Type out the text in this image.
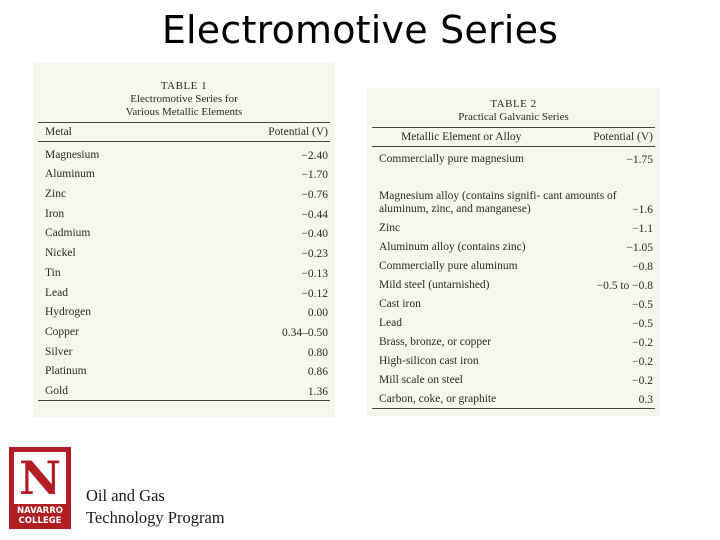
Electromotive Series
TABLE 1
Electromotive Series for
Various Metallic Elements
Metal	Potential (V)
Magnesium	−2.40
Aluminum	−1.70
Zinc	−0.76
Iron	−0.44
Cadmium	−0.40
Nickel	−0.23
Tin	−0.13
Lead	−0.12
Hydrogen	0.00
Copper	0.34–0.50
Silver	0.80
Platinum	0.86
Gold	1.36
TABLE 2
Practical Galvanic Series
Metallic Element or Alloy	Potential (V)
Commercially pure magnesium	−1.75
Magnesium alloy (contains signifi- cant amounts of aluminum, zinc, and manganese)	−1.6
Zinc	−1.1
Aluminum alloy (contains zinc)	−1.05
Commercially pure aluminum	−0.8
Mild steel (untarnished)	−0.5 to −0.8
Cast iron	−0.5
Lead	−0.5
Brass, bronze, or copper	−0.2
High-silicon cast iron	−0.2
Mill scale on steel	−0.2
Carbon, coke, or graphite	0.3
N
NAVARRO
COLLEGE
Oil and Gas
Technology Program
